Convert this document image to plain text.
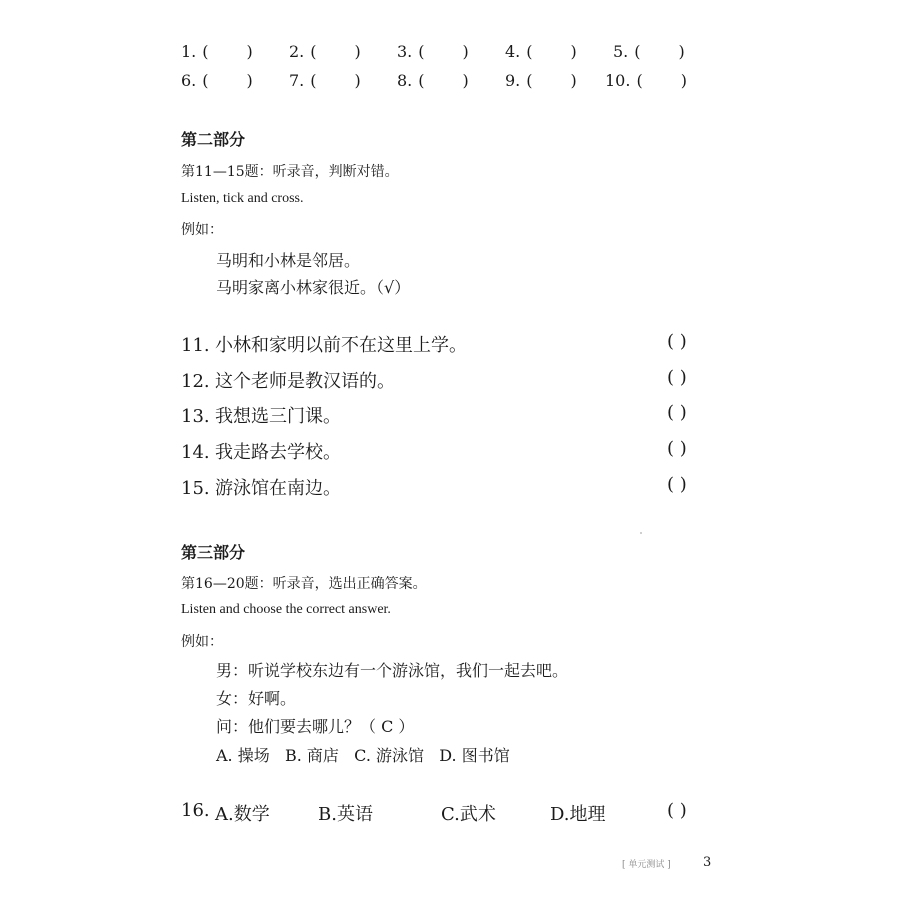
1. ( ) 2. ( ) 3. ( ) 4. ( ) 5. ( )
6. ( ) 7. ( ) 8. ( ) 9. ( ) 10. ( )
第二部分
第11—15题：听录音，判断对错。
Listen, tick and cross.
例如：
马明和小林是邻居。
马明家离小林家很近。（√）
11. 小林和家明以前不在这里上学。	( )
12. 这个老师是教汉语的。	( )
13. 我想选三门课。	( )
14. 我走路去学校。	( )
15. 游泳馆在南边。	( )
第三部分
第16—20题：听录音，选出正确答案。
Listen and choose the correct answer.
例如：
男：听说学校东边有一个游泳馆，我们一起去吧。
女：好啊。
问：他们要去哪儿？（ C ）
A. 操场   B. 商店   C. 游泳馆   D. 图书馆
16. A.数学	B.英语	C.武术	D.地理	( )
[ 单元测试 ] 3
